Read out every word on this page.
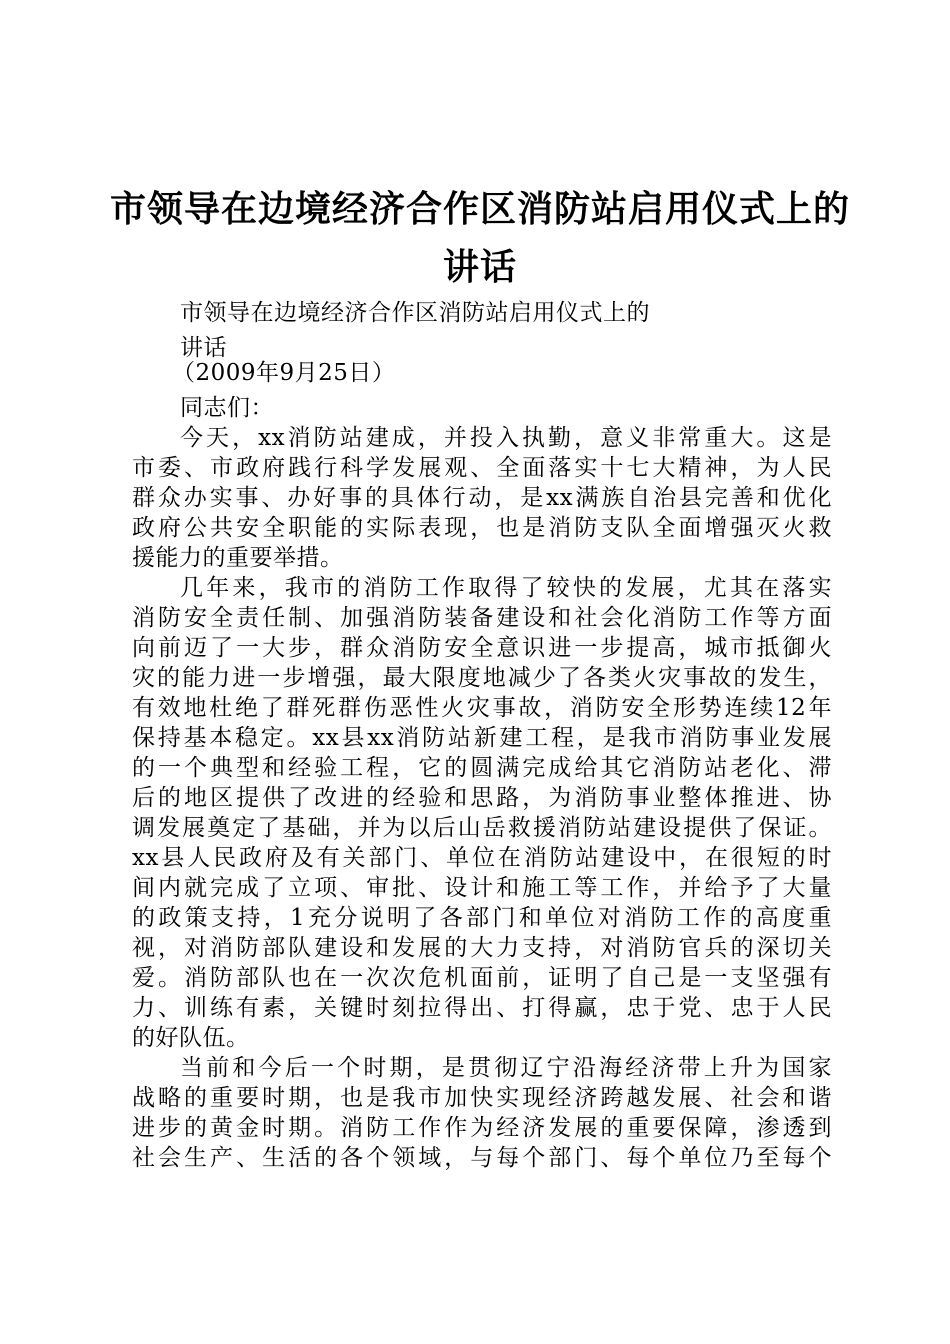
市领导在边境经济合作区消防站启用仪式上的
讲话
市领导在边境经济合作区消防站启用仪式上的
讲话
（2009年9月25日）
同志们：
今天，xx消防站建成，并投入执勤，意义非常重大。这是
市委、市政府践行科学发展观、全面落实十七大精神，为人民
群众办实事、办好事的具体行动，是xx满族自治县完善和优化
政府公共安全职能的实际表现，也是消防支队全面增强灭火救
援能力的重要举措。
几年来，我市的消防工作取得了较快的发展，尤其在落实
消防安全责任制、加强消防装备建设和社会化消防工作等方面
向前迈了一大步，群众消防安全意识进一步提高，城市抵御火
灾的能力进一步增强，最大限度地减少了各类火灾事故的发生，
有效地杜绝了群死群伤恶性火灾事故，消防安全形势连续12年
保持基本稳定。xx县xx消防站新建工程，是我市消防事业发展
的一个典型和经验工程，它的圆满完成给其它消防站老化、滞
后的地区提供了改进的经验和思路，为消防事业整体推进、协
调发展奠定了基础，并为以后山岳救援消防站建设提供了保证。
xx县人民政府及有关部门、单位在消防站建设中，在很短的时
间内就完成了立项、审批、设计和施工等工作，并给予了大量
的政策支持，1充分说明了各部门和单位对消防工作的高度重
视，对消防部队建设和发展的大力支持，对消防官兵的深切关
爱。消防部队也在一次次危机面前，证明了自己是一支坚强有
力、训练有素，关键时刻拉得出、打得赢，忠于党、忠于人民
的好队伍。
当前和今后一个时期，是贯彻辽宁沿海经济带上升为国家
战略的重要时期，也是我市加快实现经济跨越发展、社会和谐
进步的黄金时期。消防工作作为经济发展的重要保障，渗透到
社会生产、生活的各个领域，与每个部门、每个单位乃至每个
